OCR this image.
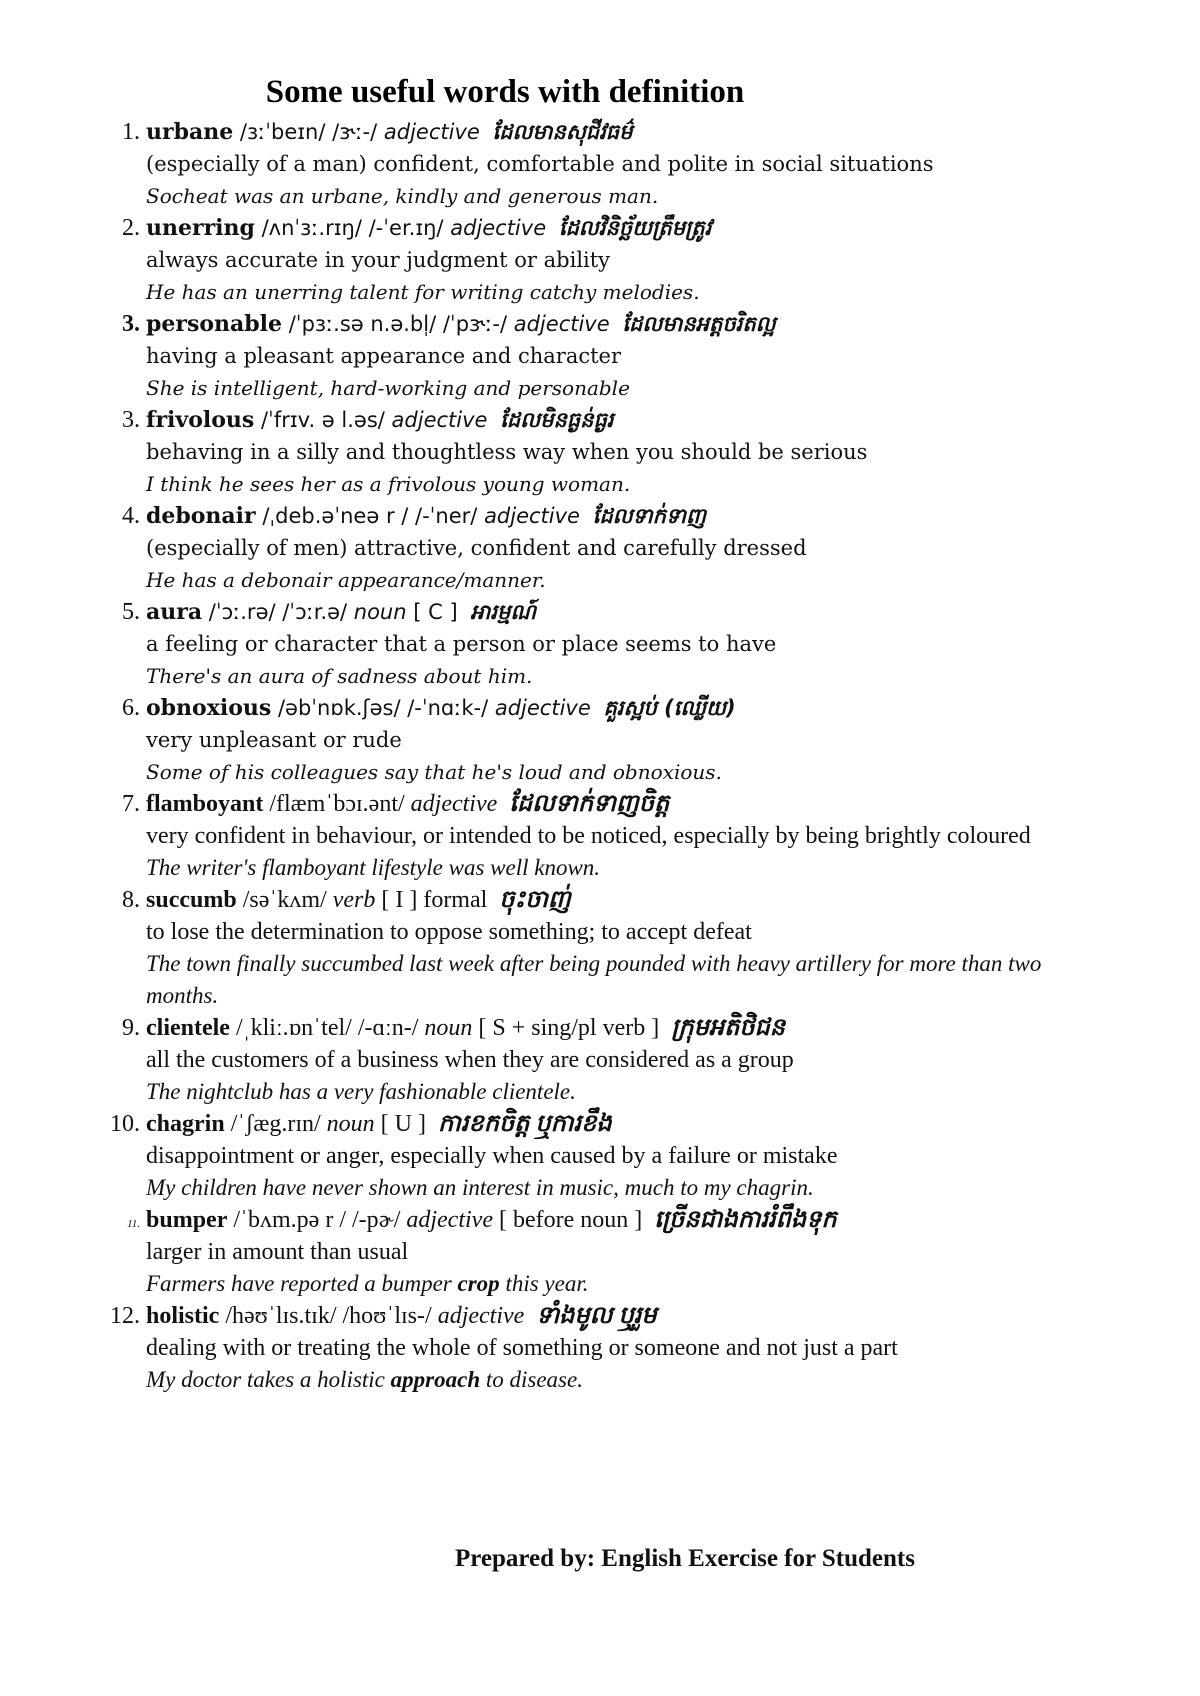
Some useful words with definition
1. urbane /ɜːˈbeɪn/ /ɝː-/ adjective ដែលមានសុជីវធម៌
(especially of a man) confident, comfortable and polite in social situations
Socheat was an urbane, kindly and generous man.
2. unerring /ʌnˈɜː.rɪŋ/ /-ˈer.ɪŋ/ adjective ដែលវិនិច្ឆ័យត្រឹមត្រូវ
always accurate in your judgment or ability
He has an unerring talent for writing catchy melodies.
3. personable /ˈpɜː.sə n.ə.bl̩/ /ˈpɝː-/ adjective ដែលមានអត្តចរិតល្អ
having a pleasant appearance and character
She is intelligent, hard-working and personable
3. frivolous /ˈfrɪv. ə l.əs/ adjective ដែលមិនធ្ងន់ធ្ងរ
behaving in a silly and thoughtless way when you should be serious
I think he sees her as a frivolous young woman.
4. debonair /ˌdeb.əˈneə r / /-ˈner/ adjective ដែលទាក់ទាញ
(especially of men) attractive, confident and carefully dressed
He has a debonair appearance/manner.
5. aura /ˈɔː.rə/ /ˈɔːr.ə/ noun [ C ] អារម្មណ៍
a feeling or character that a person or place seems to have
There's an aura of sadness about him.
6. obnoxious /əbˈnɒk.ʃəs/ /-ˈnɑːk-/ adjective គួរស្អប់ (ឈ្លើយ)
very unpleasant or rude
Some of his colleagues say that he's loud and obnoxious.
7. flamboyant /flæmˈbɔɪ.ənt/ adjective ដែលទាក់ទាញចិត្ត
very confident in behaviour, or intended to be noticed, especially by being brightly coloured
The writer's flamboyant lifestyle was well known.
8. succumb /səˈkʌm/ verb [ I ] formal ចុះចាញ់
to lose the determination to oppose something; to accept defeat
The town finally succumbed last week after being pounded with heavy artillery for more than two months.
9. clientele /ˌkliː.ɒnˈtel/ /-ɑːn-/ noun [ S + sing/pl verb ] ក្រុមអតិថិជន
all the customers of a business when they are considered as a group
The nightclub has a very fashionable clientele.
10. chagrin /ˈʃæg.rɪn/ noun [ U ] ការខកចិត្ត ឬការខឹង
disappointment or anger, especially when caused by a failure or mistake
My children have never shown an interest in music, much to my chagrin.
11. bumper /ˈbʌm.pə r / /-pɚ/ adjective [ before noun ] ច្រើនជាងការរំពឹងទុក
larger in amount than usual
Farmers have reported a bumper crop this year.
12. holistic /həʊˈlɪs.tɪk/ /hoʊˈlɪs-/ adjective ទាំងមូល ឬរួម
dealing with or treating the whole of something or someone and not just a part
My doctor takes a holistic approach to disease.
Prepared by: English Exercise for Students
